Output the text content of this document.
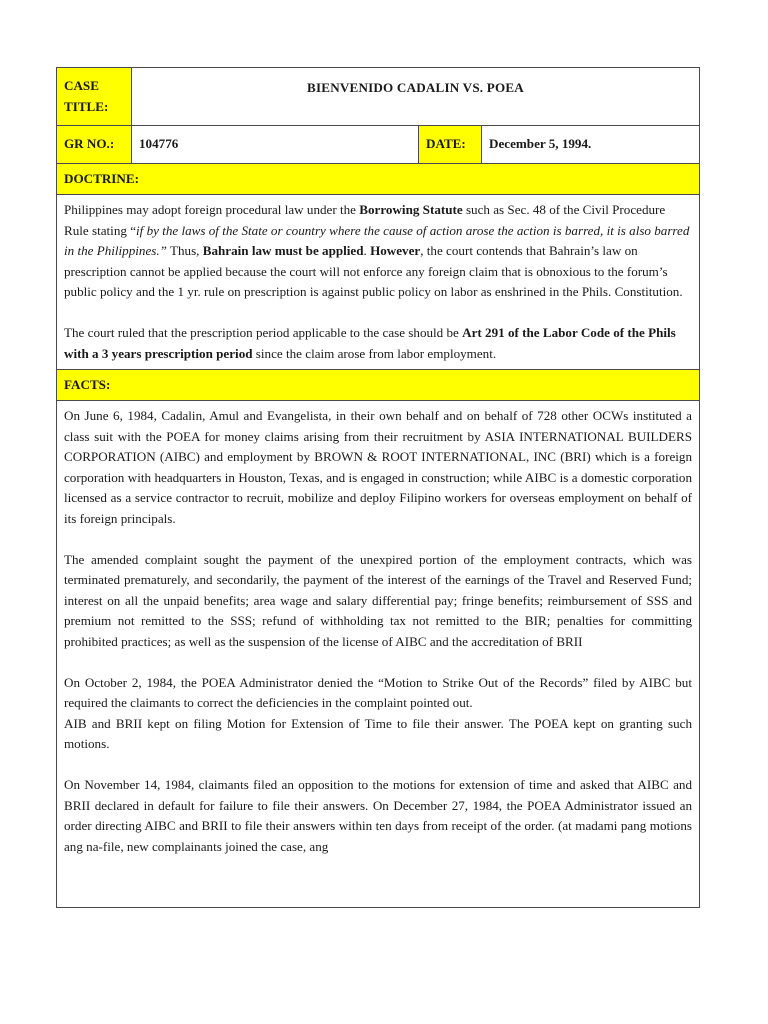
CASE TITLE:	BIENVENIDO CADALIN VS. POEA		
GR NO.:	104776	DATE:	December 5, 1994.
DOCTRINE:			

Philippines may adopt foreign procedural law under the Borrowing Statute such as Sec. 48 of the Civil Procedure Rule stating “if by the laws of the State or country where the cause of action arose the action is barred, it is also barred in the Philippines.” Thus, Bahrain law must be applied. However, the court contends that Bahrain’s law on prescription cannot be applied because the court will not enforce any foreign claim that is obnoxious to the forum’s public policy and the 1 yr. rule on prescription is against public policy on labor as enshrined in the Phils. Constitution.

The court ruled that the prescription period applicable to the case should be Art 291 of the Labor Code of the Phils with a 3 years prescription period since the claim arose from labor employment.			

FACTS:			

On June 6, 1984, Cadalin, Amul and Evangelista, in their own behalf and on behalf of 728 other OCWs instituted a class suit with the POEA for money claims arising from their recruitment by ASIA INTERNATIONAL BUILDERS CORPORATION (AIBC) and employment by BROWN & ROOT INTERNATIONAL, INC (BRI) which is a foreign corporation with headquarters in Houston, Texas, and is engaged in construction; while AIBC is a domestic corporation licensed as a service contractor to recruit, mobilize and deploy Filipino workers for overseas employment on behalf of its foreign principals.

The amended complaint sought the payment of the unexpired portion of the employment contracts, which was terminated prematurely, and secondarily, the payment of the interest of the earnings of the Travel and Reserved Fund; interest on all the unpaid benefits; area wage and salary differential pay; fringe benefits; reimbursement of SSS and premium not remitted to the SSS; refund of withholding tax not remitted to the BIR; penalties for committing prohibited practices; as well as the suspension of the license of AIBC and the accreditation of BRII

On October 2, 1984, the POEA Administrator denied the “Motion to Strike Out of the Records” filed by AIBC but required the claimants to correct the deficiencies in the complaint pointed out.

AIB and BRII kept on filing Motion for Extension of Time to file their answer. The POEA kept on granting such motions.

On November 14, 1984, claimants filed an opposition to the motions for extension of time and asked that AIBC and BRII declared in default for failure to file their answers. On December 27, 1984, the POEA Administrator issued an order directing AIBC and BRII to file their answers within ten days from receipt of the order. (at madami pang motions ang na-file, new complainants joined the case, ang			
